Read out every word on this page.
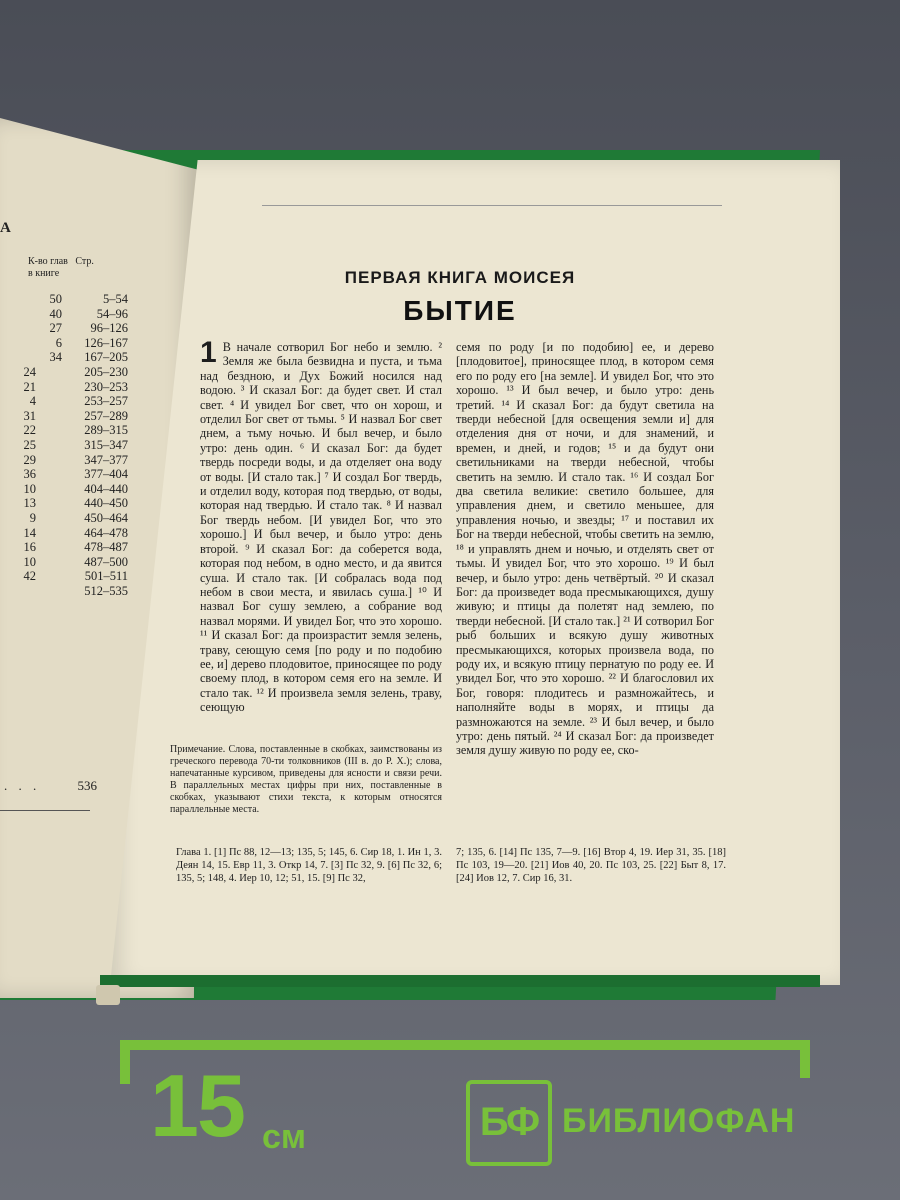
А
К-во глав   Стр.
в книге
50	5–54
40	54–96
27	96–126
6	126–167
34	167–205
24	205–230
21	230–253
4	253–257
31	257–289
22	289–315
25	315–347
29	347–377
36	377–404
10	404–440
13	440–450
9	450–464
14	464–478
16	478–487
10	487–500
42	501–511
512–535
. . . 536
ПЕРВАЯ КНИГА МОИСЕЯ
БЫТИЕ
1 В начале сотворил Бог небо и землю. ² Земля же была безвидна и пуста, и тьма над бездною, и Дух Божий носился над водою. ³ И сказал Бог: да будет свет. И стал свет. ⁴ И увидел Бог свет, что он хорош, и отделил Бог свет от тьмы. ⁵ И назвал Бог свет днем, а тьму ночью. И был вечер, и было утро: день один. ⁶ И сказал Бог: да будет твердь посреди воды, и да отделяет она воду от воды. [И стало так.] ⁷ И создал Бог твердь, и отделил воду, которая под твердью, от воды, которая над твердью. И стало так. ⁸ И назвал Бог твердь небом. [И увидел Бог, что это хорошо.] И был вечер, и было утро: день второй. ⁹ И сказал Бог: да соберется вода, которая под небом, в одно место, и да явится суша. И стало так. [И собралась вода под небом в свои места, и явилась суша.] ¹⁰ И назвал Бог сушу землею, а собрание вод назвал морями. И увидел Бог, что это хорошо. ¹¹ И сказал Бог: да произрастит земля зелень, траву, сеющую семя [по роду и по подобию ее, и] дерево плодовитое, приносящее по роду своему плод, в котором семя его на земле. И стало так. ¹² И произвела земля зелень, траву, сеющую
семя по роду [и по подобию] ее, и дерево [плодовитое], приносящее плод, в котором семя его по роду его [на земле]. И увидел Бог, что это хорошо. ¹³ И был вечер, и было утро: день третий. ¹⁴ И сказал Бог: да будут светила на тверди небесной [для освещения земли и] для отделения дня от ночи, и для знамений, и времен, и дней, и годов; ¹⁵ и да будут они светильниками на тверди небесной, чтобы светить на землю. И стало так. ¹⁶ И создал Бог два светила великие: светило большее, для управления днем, и светило меньшее, для управления ночью, и звезды; ¹⁷ и поставил их Бог на тверди небесной, чтобы светить на землю, ¹⁸ и управлять днем и ночью, и отделять свет от тьмы. И увидел Бог, что это хорошо. ¹⁹ И был вечер, и было утро: день четвёртый. ²⁰ И сказал Бог: да произведет вода пресмыкающихся, душу живую; и птицы да полетят над землею, по тверди небесной. [И стало так.] ²¹ И сотворил Бог рыб больших и всякую душу животных пресмыкающихся, которых произвела вода, по роду их, и всякую птицу пернатую по роду ее. И увидел Бог, что это хорошо. ²² И благословил их Бог, говоря: плодитесь и размножайтесь, и наполняйте воды в морях, и птицы да размножаются на земле. ²³ И был вечер, и было утро: день пятый. ²⁴ И сказал Бог: да произведет земля душу живую по роду ее, ско-
Примечание. Слова, поставленные в скобках, заимствованы из греческого перевода 70-ти толковников (III в. до Р. Х.); слова, напечатанные курсивом, приведены для ясности и связи речи. В параллельных местах цифры при них, поставленные в скобках, указывают стихи текста, к которым относятся параллельные места.
Глава 1. [1] Пс 88, 12—13; 135, 5; 145, 6. Сир 18, 1. Ин 1, 3. Деян 14, 15. Евр 11, 3. Откр 14, 7. [3] Пс 32, 9. [6] Пс 32, 6; 135, 5; 148, 4. Иер 10, 12; 51, 15. [9] Пс 32,
7; 135, 6. [14] Пс 135, 7—9. [16] Втор 4, 19. Иер 31, 35. [18] Пс 103, 19—20. [21] Иов 40, 20. Пс 103, 25. [22] Быт 8, 17. [24] Иов 12, 7. Сир 16, 31.
15 см	БФ БИБЛИОФАН
